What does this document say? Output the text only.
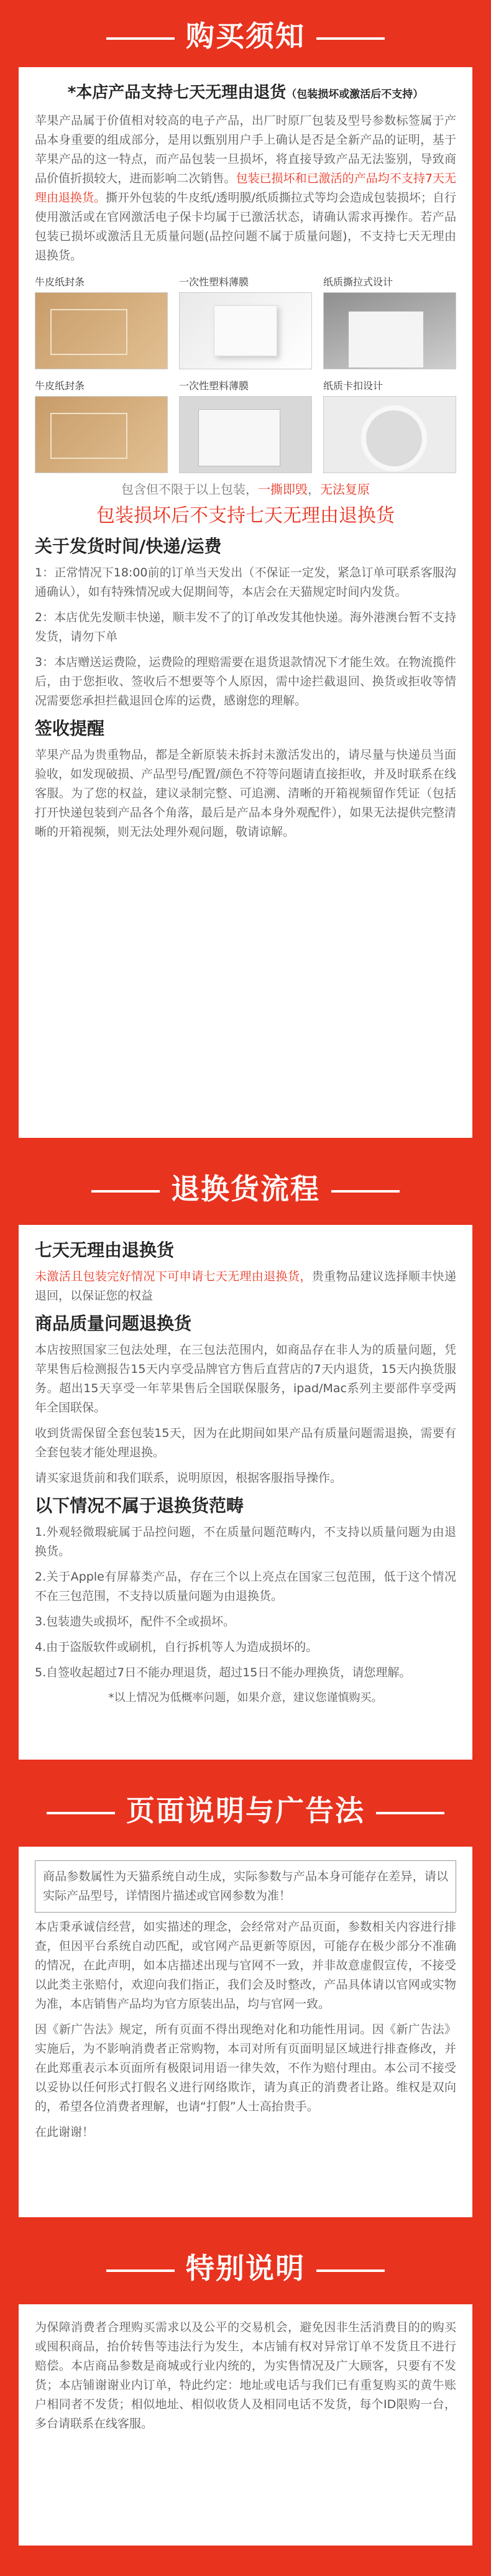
购买须知
*本店产品支持七天无理由退货（包装损坏或激活后不支持）

苹果产品属于价值相对较高的电子产品，出厂时原厂包装及型号参数标签属于产品本身重要的组成部分，是用以甄别用户手上确认是否是全新产品的证明，基于苹果产品的这一特点，而产品包装一旦损坏，将直接导致产品无法鉴别，导致商品价值折损较大，进而影响二次销售。包装已损坏和已激活的产品均不支持7天无理由退换货。撕开外包装的牛皮纸/透明膜/纸质撕拉式等均会造成包装损坏；自行使用激活或在官网激活电子保卡均属于已激活状态，请确认需求再操作。若产品包装已损坏或激活且无质量问题(品控问题不属于质量问题)，不支持七天无理由退换货。

牛皮纸封条	一次性塑料薄膜	纸质撕拉式设计
牛皮纸封条	一次性塑料薄膜	纸质卡扣设计
包含但不限于以上包装，一撕即毁，无法复原
包装损坏后不支持七天无理由退换货
关于发货时间/快递/运费

1：正常情况下18:00前的订单当天发出（不保证一定发，紧急订单可联系客服沟通确认），如有特殊情况或大促期间等，本店会在天猫规定时间内发货。

2：本店优先发顺丰快递，顺丰发不了的订单改发其他快递。海外港澳台暂不支持发货，请勿下单

3：本店赠送运费险，运费险的理赔需要在退货退款情况下才能生效。在物流揽件后，由于您拒收、签收后不想要等个人原因，需中途拦截退回、换货或拒收等情况需要您承担拦截退回仓库的运费，感谢您的理解。

签收提醒

苹果产品为贵重物品，都是全新原装未拆封未激活发出的，请尽量与快递员当面验收，如发现破损、产品型号/配置/颜色不符等问题请直接拒收，并及时联系在线客服。为了您的权益，建议录制完整、可追溯、清晰的开箱视频留作凭证（包括打开快递包装到产品各个角落，最后是产品本身外观配件），如果无法提供完整清晰的开箱视频，则无法处理外观问题，敬请谅解。

退换货流程
七天无理由退换货

未激活且包装完好情况下可申请七天无理由退换货，贵重物品建议选择顺丰快递退回，以保证您的权益

商品质量问题退换货

本店按照国家三包法处理，在三包法范围内，如商品存在非人为的质量问题，凭苹果售后检测报告15天内享受品牌官方售后直营店的7天内退货，15天内换货服务。超出15天享受一年苹果售后全国联保服务，ipad/Mac系列主要部件享受两年全国联保。

收到货需保留全套包装15天，因为在此期间如果产品有质量问题需退换，需要有全套包装才能处理退换。

请买家退货前和我们联系，说明原因，根据客服指导操作。

以下情况不属于退换货范畴

1.外观轻微瑕疵属于品控问题，不在质量问题范畴内，不支持以质量问题为由退换货。

2.关于Apple有屏幕类产品，存在三个以上亮点在国家三包范围，低于这个情况不在三包范围，不支持以质量问题为由退换货。

3.包装遗失或损坏，配件不全或损坏。

4.由于盗版软件或刷机，自行拆机等人为造成损坏的。

5.自签收起超过7日不能办理退货，超过15日不能办理换货，请您理解。

*以上情况为低概率问题，如果介意，建议您谨慎购买。
页面说明与广告法
商品参数属性为天猫系统自动生成，实际参数与产品本身可能存在差异，请以实际产品型号，详情图片描述或官网参数为准！

本店秉承诚信经营，如实描述的理念，会经常对产品页面，参数相关内容进行排查，但因平台系统自动匹配，或官网产品更新等原因，可能存在极少部分不准确的情况，在此声明，如本店描述出现与官网不一致，并非故意虚假宣传，不接受以此类主张赔付，欢迎向我们指正，我们会及时整改，产品具体请以官网或实物为准，本店销售产品均为官方原装出品，均与官网一致。

因《新广告法》规定，所有页面不得出现绝对化和功能性用词。因《新广告法》实施后，为不影响消费者正常购物，本司对所有页面明显区域进行排查修改，并在此郑重表示本页面所有极限词用语一律失效，不作为赔付理由。本公司不接受以妥协以任何形式打假名义进行网络欺诈，请为真正的消费者让路。维权是双向的，希望各位消费者理解，也请“打假”人士高抬贵手。

在此谢谢！

特别说明

为保障消费者合理购买需求以及公平的交易机会，避免因非生活消费目的的购买或囤积商品，抬价转售等违法行为发生，本店铺有权对异常订单不发货且不进行赔偿。本店商品参数是商城或行业内统的，为实售情况及广大顾客，只要有不发货；本店铺谢谢业内订单，特此约定：地址或电话与我们已有重复购买的黄牛账户相同者不发货；相似地址、相似收货人及相同电话不发货，每个ID限购一台，多台请联系在线客服。
